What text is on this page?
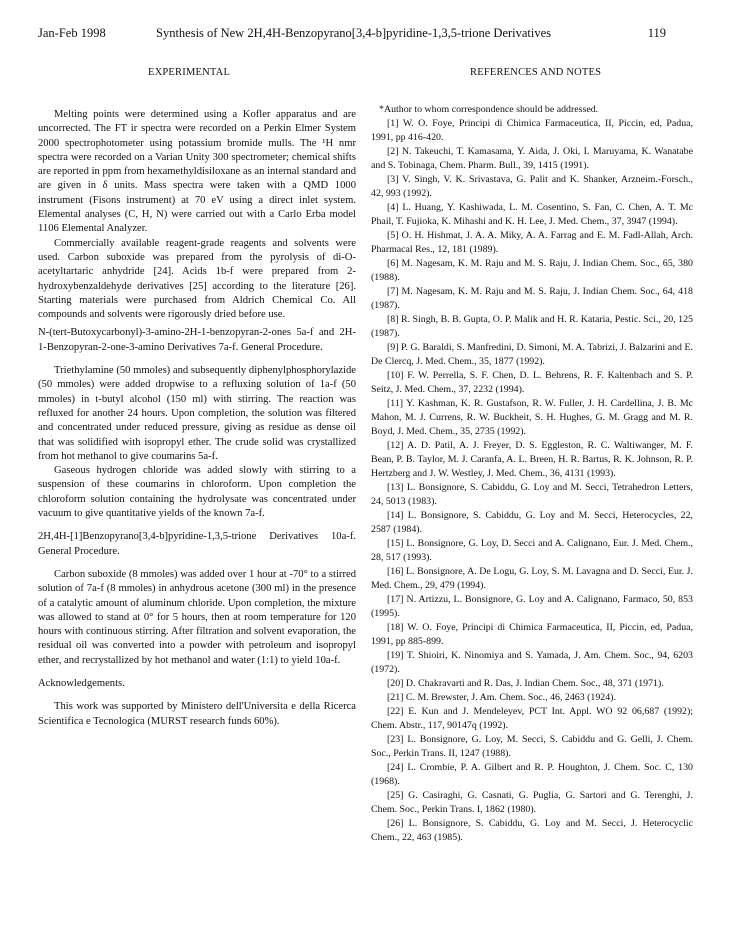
Jan-Feb 1998	Synthesis of New 2H,4H-Benzopyrano[3,4-b]pyridine-1,3,5-trione Derivatives	119
EXPERIMENTAL	REFERENCES AND NOTES

Melting points were determined using a Kofler apparatus and are uncorrected. The FT ir spectra were recorded on a Perkin Elmer System 2000 spectrophotometer using potassium bromide mulls. The ¹H nmr spectra were recorded on a Varian Unity 300 spectrometer; chemical shifts are reported in ppm from hexamethyldisiloxane as an internal standard and are given in δ units. Mass spectra were taken with a QMD 1000 instrument (Fisons instrument) at 70 eV using a direct inlet system. Elemental analyses (C, H, N) were carried out with a Carlo Erba model 1106 Elemental Analyzer.

Commercially available reagent-grade reagents and solvents were used. Carbon suboxide was prepared from the pyrolysis of di-O-acetyltartaric anhydride [24]. Acids 1b-f were prepared from 2-hydroxybenzaldehyde derivatives [25] according to the literature [26]. Starting materials were purchased from Aldrich Chemical Co. All compounds and solvents were rigorously dried before use.

N-(tert-Butoxycarbonyl)-3-amino-2H-1-benzopyran-2-ones 5a-f and 2H-1-Benzopyran-2-one-3-amino Derivatives 7a-f. General Procedure.

Triethylamine (50 mmoles) and subsequently diphenylphosphorylazide (50 mmoles) were added dropwise to a refluxing solution of 1a-f (50 mmoles) in t-butyl alcohol (150 ml) with stirring. The reaction was refluxed for another 24 hours. Upon completion, the solution was filtered and concentrated under reduced pressure, giving as residue as dense oil that was solidified with isopropyl ether. The crude solid was crystallized from hot methanol to give coumarins 5a-f.

Gaseous hydrogen chloride was added slowly with stirring to a suspension of these coumarins in chloroform. Upon completion the chloroform solution containing the hydrolysate was concentrated under vacuum to give quantitative yields of the known 7a-f.

2H,4H-[1]Benzopyrano[3,4-b]pyridine-1,3,5-trione Derivatives 10a-f. General Procedure.

Carbon suboxide (8 mmoles) was added over 1 hour at -70° to a stirred solution of 7a-f (8 mmoles) in anhydrous acetone (300 ml) in the presence of a catalytic amount of aluminum chloride. Upon completion, the mixture was allowed to stand at 0° for 5 hours, then at room temperature for 120 hours with continuous stirring. After filtration and solvent evaporation, the residual oil was converted into a powder with petroleum and isopropyl ether, and recrystallized by hot methanol and water (1:1) to yield 10a-f.

Acknowledgements.

This work was supported by Ministero dell'Universita e della Ricerca Scientifica e Tecnologica (MURST research funds 60%).

*Author to whom correspondence should be addressed.

[1] W. O. Foye, Principi di Chimica Farmaceutica, II, Piccin, ed, Padua, 1991, pp 416-420.

[2] N. Takeuchi, T. Kamasama, Y. Aida, J. Oki, I. Maruyama, K. Wanatabe and S. Tobinaga, Chem. Pharm. Bull., 39, 1415 (1991).

[3] V. Singh, V. K. Srivastava, G. Palit and K. Shanker, Arzneim.-Forsch., 42, 993 (1992).

[4] L. Huang, Y. Kashiwada, L. M. Cosentino, S. Fan, C. Chen, A. T. Mc Phail, T. Fujioka, K. Mihashi and K. H. Lee, J. Med. Chem., 37, 3947 (1994).

[5] O. H. Hishmat, J. A. A. Miky, A. A. Farrag and E. M. Fadl-Allah, Arch. Pharmacal Res., 12, 181 (1989).

[6] M. Nagesam, K. M. Raju and M. S. Raju, J. Indian Chem. Soc., 65, 380 (1988).

[7] M. Nagesam, K. M. Raju and M. S. Raju, J. Indian Chem. Soc., 64, 418 (1987).

[8] R. Singh, B. B. Gupta, O. P. Malik and H. R. Kataria, Pestic. Sci., 20, 125 (1987).

[9] P. G. Baraldi, S. Manfredini, D. Simoni, M. A. Tabrizi, J. Balzarini and E. De Clercq, J. Med. Chem., 35, 1877 (1992).

[10] F. W. Perrella, S. F. Chen, D. L. Behrens, R. F. Kaltenbach and S. P. Seitz, J. Med. Chem., 37, 2232 (1994).

[11] Y. Kashman, K. R. Gustafson, R. W. Fuller, J. H. Cardellina, J. B. Mc Mahon, M. J. Currens, R. W. Buckheit, S. H. Hughes, G. M. Gragg and M. R. Boyd, J. Med. Chem., 35, 2735 (1992).

[12] A. D. Patil, A. J. Freyer, D. S. Eggleston, R. C. Waltiwanger, M. F. Bean, P. B. Taylor, M. J. Caranfa, A. L. Breen, H. R. Bartus, R. K. Johnson, R. P. Hertzberg and J. W. Westley, J. Med. Chem., 36, 4131 (1993).

[13] L. Bonsignore, S. Cabiddu, G. Loy and M. Secci, Tetrahedron Letters, 24, 5013 (1983).

[14] L. Bonsignore, S. Cabiddu, G. Loy and M. Secci, Heterocycles, 22, 2587 (1984).

[15] L. Bonsignore, G. Loy, D. Secci and A. Calignano, Eur. J. Med. Chem., 28, 517 (1993).

[16] L. Bonsignore, A. De Logu, G. Loy, S. M. Lavagna and D. Secci, Eur. J. Med. Chem., 29, 479 (1994).

[17] N. Artizzu, L. Bonsignore, G. Loy and A. Calignano, Farmaco, 50, 853 (1995).

[18] W. O. Foye, Principi di Chimica Farmaceutica, II, Piccin, ed, Padua, 1991, pp 885-899.

[19] T. Shioiri, K. Ninomiya and S. Yamada, J. Am. Chem. Soc., 94, 6203 (1972).

[20] D. Chakravarti and R. Das, J. Indian Chem. Soc., 48, 371 (1971).

[21] C. M. Brewster, J. Am. Chem. Soc., 46, 2463 (1924).

[22] E. Kun and J. Mendeleyev, PCT Int. Appl. WO 92 06,687 (1992); Chem. Abstr., 117, 90147q (1992).

[23] L. Bonsignore, G. Loy, M. Secci, S. Cabiddu and G. Gelli, J. Chem. Soc., Perkin Trans. II, 1247 (1988).

[24] L. Crombie, P. A. Gilbert and R. P. Houghton, J. Chem. Soc. C, 130 (1968).

[25] G. Casiraghi, G. Casnati, G. Puglia, G. Sartori and G. Terenghi, J. Chem. Soc., Perkin Trans. I, 1862 (1980).

[26] L. Bonsignore, S. Cabiddu, G. Loy and M. Secci, J. Heterocyclic Chem., 22, 463 (1985).
